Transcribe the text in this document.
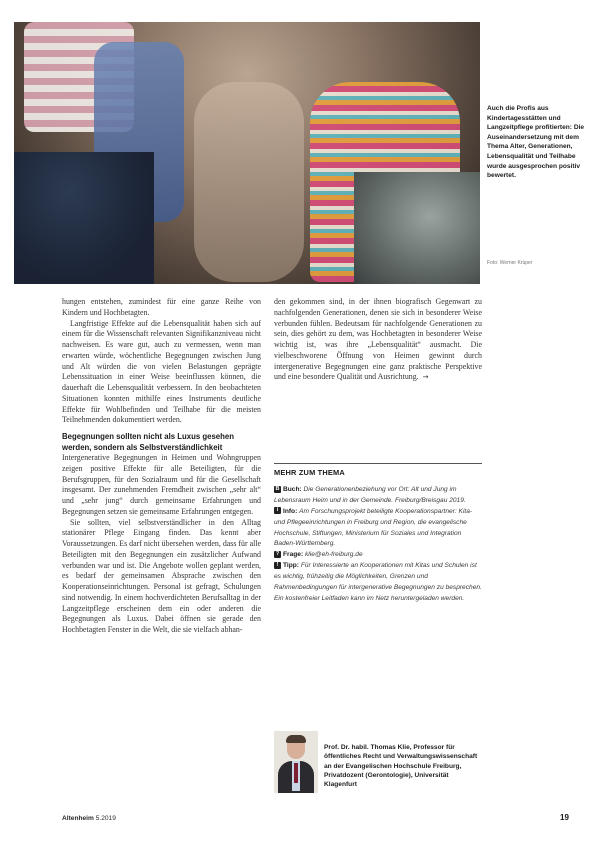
Auch die Profis aus Kindertagesstätten und Langzeitpflege profitierten: Die Auseinandersetzung mit dem Thema Alter, Generationen, Lebensqualität und Teilhabe wurde ausgesprochen positiv bewertet.
Foto: Werner Krüper

hungen entstehen, zumindest für eine ganze Reihe von Kindern und Hochbetagten.

Langfristige Effekte auf die Lebensqualität haben sich auf einem für die Wissenschaft relevanten Signifikanzniveau nicht nachweisen. Es ware gut, auch zu vermessen, wenn man erwarten würde, wöchentliche Begegnungen zwischen Jung und Alt würden die von vielen Belastungen geprägte Lebenssituation in einer Weise beeinflussen können, die dauerhaft die Lebensqualität verbessern. In den beobachteten Situationen konnten mithilfe eines Instruments deutliche Effekte für Wohlbefinden und Teilhabe für die meisten Teilnehmenden dokumentiert werden.

Begegnungen sollten nicht als Luxus gesehen werden, sondern als Selbstverständlichkeit

Intergenerative Begegnungen in Heimen und Wohngruppen zeigen positive Effekte für alle Beteiligten, für die Berufsgruppen, für den Sozialraum und für die Gesellschaft insgesamt. Der zunehmenden Fremdheit zwischen „sehr alt“ und „sehr jung“ durch gemeinsame Erfahrungen und Begegnungen setzen sie gemeinsame Erfahrungen entgegen.

Sie sollten, viel selbstverständlicher in den Alltag stationärer Pflege Eingang finden. Das kennt aber Voraussetzungen. Es darf nicht übersehen werden, dass für alle Beteiligten mit den Begegnungen ein zusätzlicher Aufwand verbunden war und ist. Die Angebote wollen geplant werden, es bedarf der gemeinsamen Absprache zwischen den Kooperationseinrichtungen. Personal ist gefragt, Schulungen sind notwendig. In einem hochverdichteten Berufsalltag in der Langzeitpflege erscheinen dem ein oder anderen die Begegnungen als Luxus. Dabei öffnen sie gerade den Hochbetagten Fenster in die Welt, die sie vielfach abhan-

den gekommen sind, in der ihnen biografisch Gegenwart zu nachfolgenden Generationen, denen sie sich in besonderer Weise verbunden fühlen. Bedeutsam für nachfolgende Generationen zu sein, dies gehört zu dem, was Hochbetagten in besonderer Weise wichtig ist, was ihre „Lebensqualität“ ausmacht. Die vielbeschworene Öffnung von Heimen gewinnt durch intergenerative Begegnungen eine ganz praktische Perspektive und eine besondere Qualität und Ausrichtung. →

MEHR ZUM THEMA
B Buch: Die Generationenbeziehung vor Ort: Alt und Jung im Lebensraum Heim und in der Gemeinde. Freiburg/Breisgau 2019.
i Info: Am Forschungsprojekt beteiligte Kooperationspartner: Kita- und Pflegeeinrichtungen in Freiburg und Region, die evangelische Hochschule, Stiftungen, Ministerium für Soziales und Integration Baden-Württemberg.
? Frage: klie@eh-freiburg.de
! Tipp: Für Interessierte an Kooperationen mit Kitas und Schulen ist es wichtig, frühzeitig die Möglichkeiten, Grenzen und Rahmenbedingungen für intergenerative Begegnungen zu besprechen. Ein kostenfreier Leitfaden kann im Netz heruntergeladen werden.
Prof. Dr. habil. Thomas Klie, Professor für öffentliches Recht und Verwaltungswissenschaft an der Evangelischen Hochschule Freiburg, Privatdozent (Gerontologie), Universität Klagenfurt
Altenheim 5.2019	19
